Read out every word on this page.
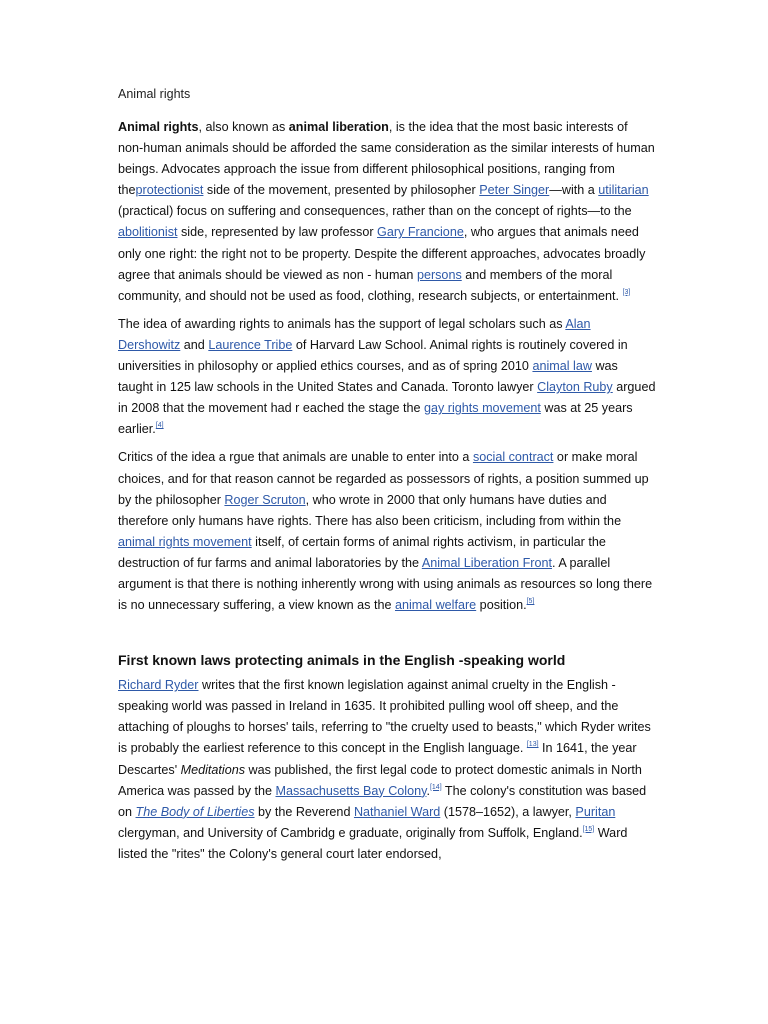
Animal rights

Animal rights, also known as animal liberation, is the idea that the most basic interests of non-human animals should be afforded the same consideration as the similar interests of human beings. Advocates approach the issue from different philosophical positions, ranging from theprotectionist side of the movement, presented by philosopher Peter Singer—with a utilitarian (practical) focus on suffering and consequences, rather than on the concept of rights—to the abolitionist side, represented by law professor Gary Francione, who argues that animals need only one right: the right not to be property. Despite the different approaches, advocates broadly agree that animals should be viewed as non - human persons and members of the moral community, and should not be used as food, clothing, research subjects, or entertainment. [3]

The idea of awarding rights to animals has the support of legal scholars such as Alan Dershowitz and Laurence Tribe of Harvard Law School. Animal rights is routinely covered in universities in philosophy or applied ethics courses, and as of spring 2010 animal law was taught in 125 law schools in the United States and Canada. Toronto lawyer Clayton Ruby argued in 2008 that the movement had r eached the stage the gay rights movement was at 25 years earlier.[4]

Critics of the idea a rgue that animals are unable to enter into a social contract or make moral choices, and for that reason cannot be regarded as possessors of rights, a position summed up by the philosopher Roger Scruton, who wrote in 2000 that only humans have duties and therefore only humans have rights. There has also been criticism, including from within the animal rights movement itself, of certain forms of animal rights activism, in particular the destruction of fur farms and animal laboratories by the Animal Liberation Front. A parallel argument is that there is nothing inherently wrong with using animals as resources so long there is no unnecessary suffering, a view known as the animal welfare position.[5]

First known laws protecting animals in the English -speaking world

Richard Ryder writes that the first known legislation against animal cruelty in the English - speaking world was passed in Ireland in 1635. It prohibited pulling wool off sheep, and the attaching of ploughs to horses' tails, referring to "the cruelty used to beasts," which Ryder writes is probably the earliest reference to this concept in the English language. [13] In 1641, the year Descartes' Meditations was published, the first legal code to protect domestic animals in North America was passed by the Massachusetts Bay Colony.[14] The colony's constitution was based on The Body of Liberties by the Reverend Nathaniel Ward (1578–1652), a lawyer, Puritan clergyman, and University of Cambridg e graduate, originally from Suffolk, England.[15] Ward listed the "rites" the Colony's general court later endorsed,
